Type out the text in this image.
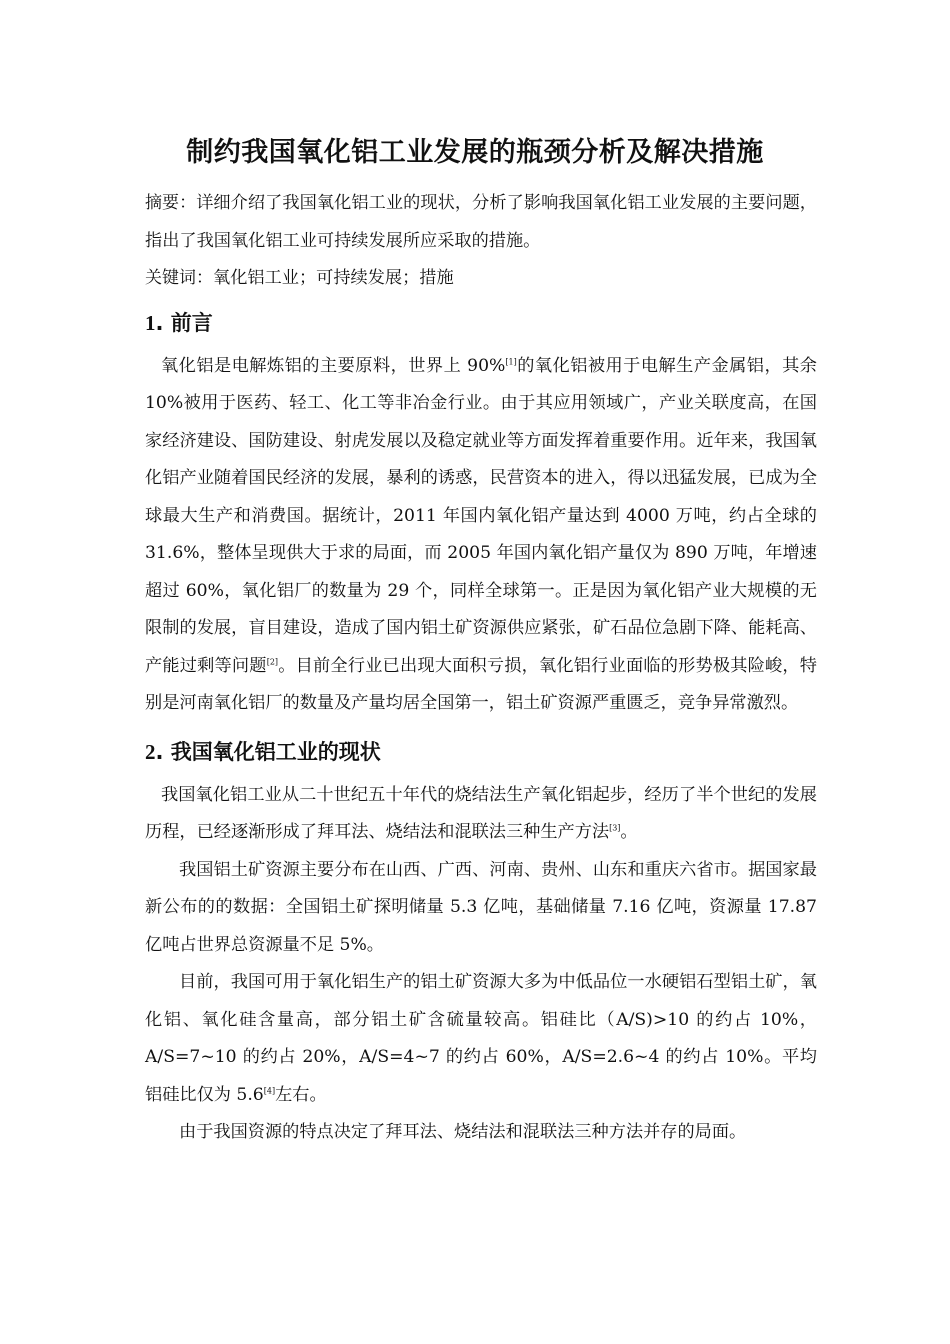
制约我国氧化铝工业发展的瓶颈分析及解决措施

摘要：详细介绍了我国氧化铝工业的现状，分析了影响我国氧化铝工业发展的主要问题，指出了我国氧化铝工业可持续发展所应采取的措施。

关键词：氧化铝工业；可持续发展；措施

1. 前言

氧化铝是电解炼铝的主要原料，世界上 90%[1]的氧化铝被用于电解生产金属铝，其余 10%被用于医药、轻工、化工等非冶金行业。由于其应用领域广，产业关联度高，在国家经济建设、国防建设、射虎发展以及稳定就业等方面发挥着重要作用。近年来，我国氧化铝产业随着国民经济的发展，暴利的诱惑，民营资本的进入，得以迅猛发展，已成为全球最大生产和消费国。据统计，2011 年国内氧化铝产量达到 4000 万吨，约占全球的 31.6%，整体呈现供大于求的局面，而 2005 年国内氧化铝产量仅为 890 万吨，年增速超过 60%，氧化铝厂的数量为 29 个，同样全球第一。正是因为氧化铝产业大规模的无限制的发展，盲目建设，造成了国内铝土矿资源供应紧张，矿石品位急剧下降、能耗高、产能过剩等问题[2]。目前全行业已出现大面积亏损，氧化铝行业面临的形势极其险峻，特别是河南氧化铝厂的数量及产量均居全国第一，铝土矿资源严重匮乏，竞争异常激烈。

2. 我国氧化铝工业的现状

我国氧化铝工业从二十世纪五十年代的烧结法生产氧化铝起步，经历了半个世纪的发展历程，已经逐渐形成了拜耳法、烧结法和混联法三种生产方法[3]。

我国铝土矿资源主要分布在山西、广西、河南、贵州、山东和重庆六省市。据国家最新公布的的数据：全国铝土矿探明储量 5.3 亿吨，基础储量 7.16 亿吨，资源量 17.87 亿吨占世界总资源量不足 5%。

目前，我国可用于氧化铝生产的铝土矿资源大多为中低品位一水硬铝石型铝土矿，氧化铝、氧化硅含量高，部分铝土矿含硫量较高。铝硅比（A/S)>10 的约占 10%，A/S=7~10 的约占 20%，A/S=4~7 的约占 60%，A/S=2.6~4 的约占 10%。平均铝硅比仅为 5.6[4]左右。

由于我国资源的特点决定了拜耳法、烧结法和混联法三种方法并存的局面。
